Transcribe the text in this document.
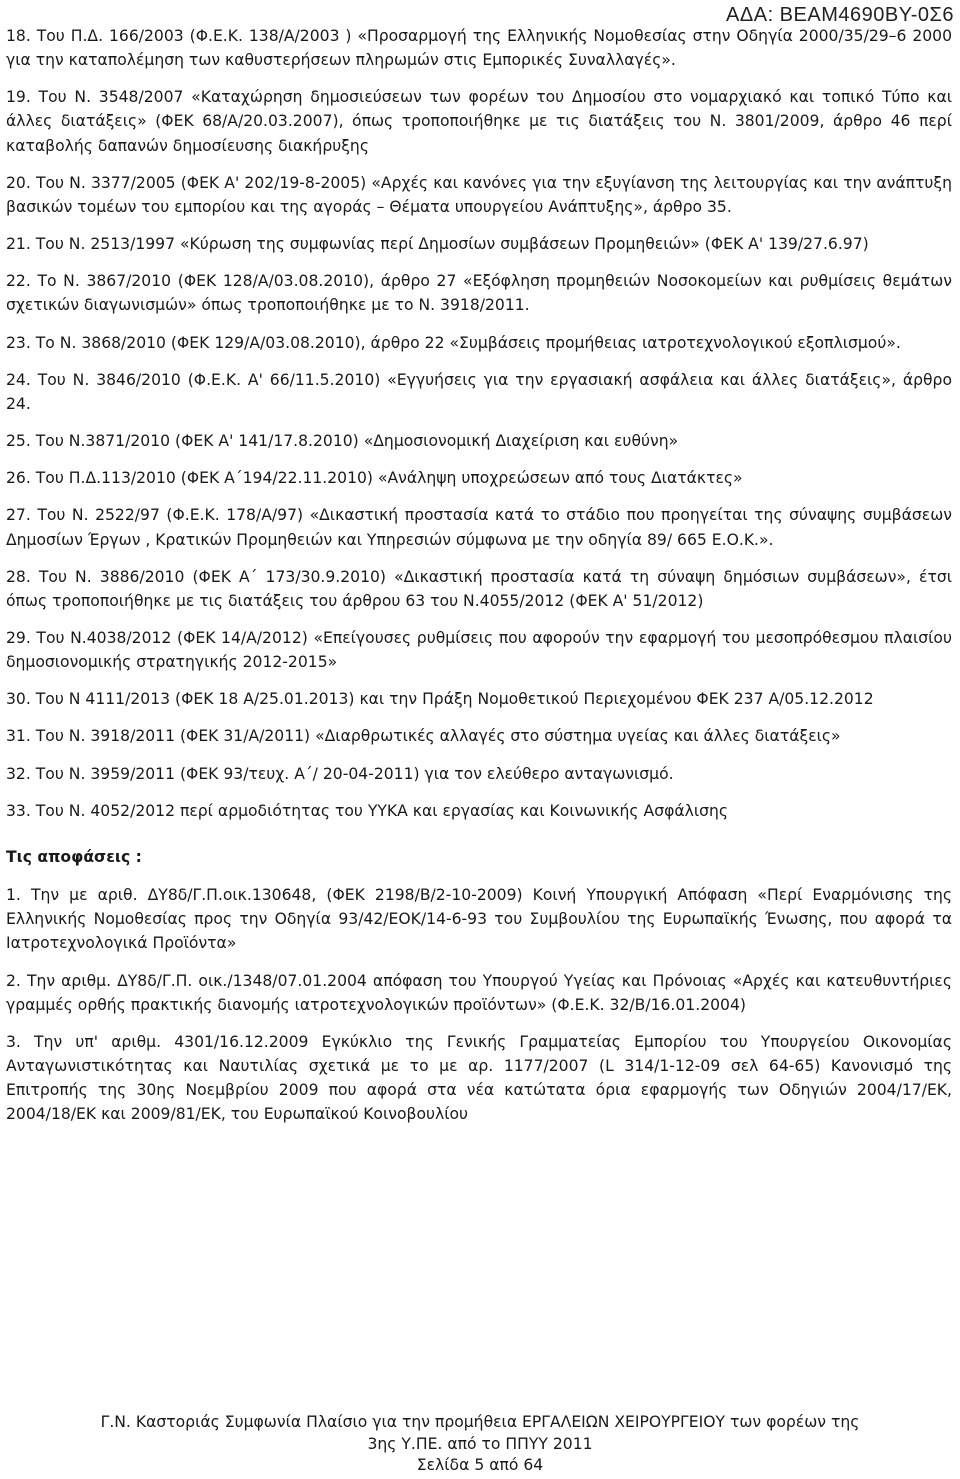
ΑΔΑ: ΒΕΑΜ4690ΒΥ-0Σ6
18. Του Π.Δ. 166/2003 (Φ.Ε.Κ. 138/Α/2003 ) «Προσαρμογή της Ελληνικής Νομοθεσίας στην Οδηγία 2000/35/29–6 2000 για την καταπολέμηση των καθυστερήσεων πληρωμών στις Εμπορικές Συναλλαγές».
19. Του Ν. 3548/2007 «Καταχώρηση δημοσιεύσεων των φορέων του Δημοσίου στο νομαρχιακό και τοπικό Τύπο και άλλες διατάξεις» (ΦΕΚ 68/Α/20.03.2007), όπως τροποποιήθηκε με τις διατάξεις του Ν. 3801/2009, άρθρο 46 περί καταβολής δαπανών δημοσίευσης διακήρυξης
20. Του Ν. 3377/2005 (ΦΕΚ Α' 202/19-8-2005) «Αρχές και κανόνες για την εξυγίανση της λειτουργίας και την ανάπτυξη βασικών τομέων του εμπορίου και της αγοράς – Θέματα υπουργείου Ανάπτυξης», άρθρο 35.
21. Του Ν. 2513/1997 «Κύρωση της συμφωνίας περί Δημοσίων συμβάσεων Προμηθειών» (ΦΕΚ Α' 139/27.6.97)
22. Το Ν. 3867/2010 (ΦΕΚ 128/Α/03.08.2010), άρθρο 27 «Εξόφληση προμηθειών Νοσοκομείων και ρυθμίσεις θεμάτων σχετικών διαγωνισμών» όπως τροποποιήθηκε με το Ν. 3918/2011.
23. Το Ν. 3868/2010 (ΦΕΚ 129/Α/03.08.2010), άρθρο 22 «Συμβάσεις προμήθειας ιατροτεχνολογικού εξοπλισμού».
24. Του Ν. 3846/2010 (Φ.Ε.Κ. Α' 66/11.5.2010) «Εγγυήσεις για την εργασιακή ασφάλεια και άλλες διατάξεις», άρθρο 24.
25. Του Ν.3871/2010 (ΦΕΚ Α' 141/17.8.2010) «Δημοσιονομική Διαχείριση και ευθύνη»
26. Του Π.Δ.113/2010 (ΦΕΚ Α΄194/22.11.2010) «Ανάληψη υποχρεώσεων από τους Διατάκτες»
27. Του Ν. 2522/97 (Φ.Ε.Κ. 178/Α/97) «Δικαστική προστασία κατά το στάδιο που προηγείται της σύναψης συμβάσεων Δημοσίων Έργων , Κρατικών Προμηθειών και Υπηρεσιών σύμφωνα με την οδηγία 89/ 665 Ε.Ο.Κ.».
28. Του Ν. 3886/2010 (ΦΕΚ Α΄ 173/30.9.2010) «Δικαστική προστασία κατά τη σύναψη δημόσιων συμβάσεων», έτσι όπως τροποποιήθηκε με τις διατάξεις του άρθρου 63 του Ν.4055/2012 (ΦΕΚ Α' 51/2012)
29. Του Ν.4038/2012 (ΦΕΚ 14/Α/2012) «Επείγουσες ρυθμίσεις που αφορούν την εφαρμογή του μεσοπρόθεσμου πλαισίου δημοσιονομικής στρατηγικής 2012-2015»
30. Του Ν 4111/2013 (ΦΕΚ 18 Α/25.01.2013) και την Πράξη Νομοθετικού Περιεχομένου ΦΕΚ 237 Α/05.12.2012
31. Του Ν. 3918/2011 (ΦΕΚ 31/Α/2011) «Διαρθρωτικές αλλαγές στο σύστημα υγείας και άλλες διατάξεις»
32. Του Ν. 3959/2011 (ΦΕΚ 93/τευχ. Α΄/ 20-04-2011) για τον ελεύθερο ανταγωνισμό.
33. Του Ν. 4052/2012 περί αρμοδιότητας του ΥΥΚΑ και εργασίας και Κοινωνικής Ασφάλισης
Τις αποφάσεις :
1. Την με αριθ. ΔΥ8δ/Γ.Π.οικ.130648, (ΦΕΚ 2198/Β/2-10-2009) Κοινή Υπουργική Απόφαση «Περί Εναρμόνισης της Ελληνικής Νομοθεσίας προς την Οδηγία 93/42/ΕΟΚ/14-6-93 του Συμβουλίου της Ευρωπαϊκής Ένωσης, που αφορά τα Ιατροτεχνολογικά Προϊόντα»
2. Την αριθμ. ΔΥ8δ/Γ.Π. οικ./1348/07.01.2004 απόφαση του Υπουργού Υγείας και Πρόνοιας «Αρχές και κατευθυντήριες γραμμές ορθής πρακτικής διανομής ιατροτεχνολογικών προϊόντων» (Φ.Ε.Κ. 32/Β/16.01.2004)
3. Την υπ' αριθμ. 4301/16.12.2009 Εγκύκλιο της Γενικής Γραμματείας Εμπορίου του Υπουργείου Οικονομίας Ανταγωνιστικότητας και Ναυτιλίας σχετικά με το με αρ. 1177/2007 (L 314/1-12-09 σελ 64-65) Κανονισμό της Επιτροπής της 30ης Νοεμβρίου 2009 που αφορά στα νέα κατώτατα όρια εφαρμογής των Οδηγιών 2004/17/ΕΚ, 2004/18/ΕΚ και 2009/81/ΕΚ, του Ευρωπαϊκού Κοινοβουλίου
Γ.Ν. Καστοριάς Συμφωνία Πλαίσιο για την προμήθεια ΕΡΓΑΛΕΙΩΝ ΧΕΙΡΟΥΡΓΕΙΟΥ των φορέων της
3ης Υ.ΠΕ. από το ΠΠΥΥ 2011
Σελίδα 5 από 64
